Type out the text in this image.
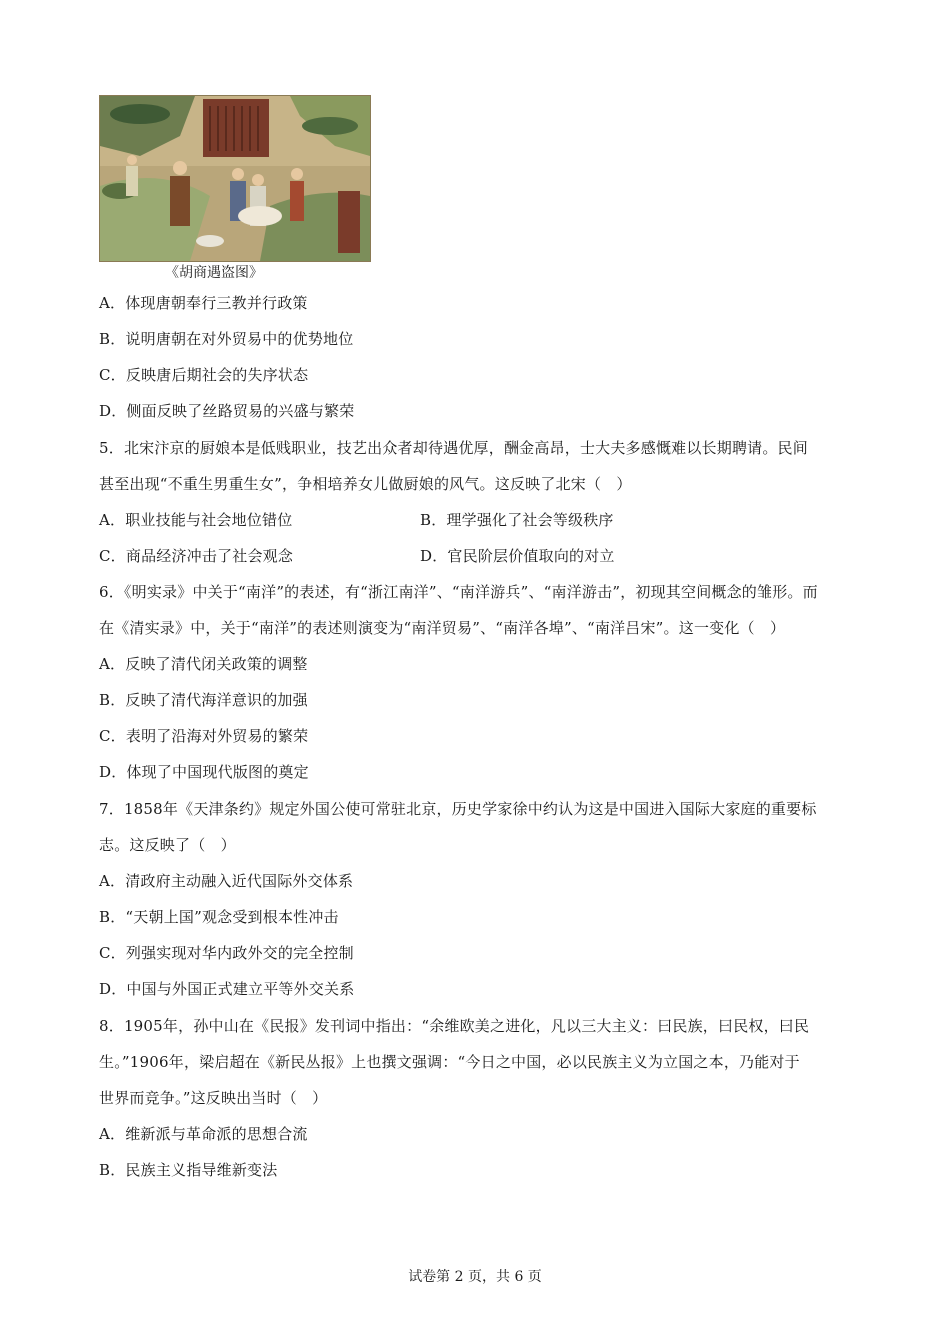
《胡商遇盗图》
A．体现唐朝奉行三教并行政策
B．说明唐朝在对外贸易中的优势地位
C．反映唐后期社会的失序状态
D．侧面反映了丝路贸易的兴盛与繁荣
5．北宋汴京的厨娘本是低贱职业，技艺出众者却待遇优厚，酬金高昂，士大夫多感慨难以长期聘请。民间
甚至出现“不重生男重生女”，争相培养女儿做厨娘的风气。这反映了北宋（　）
A．职业技能与社会地位错位	B．理学强化了社会等级秩序
C．商品经济冲击了社会观念	D．官民阶层价值取向的对立
6．《明实录》中关于“南洋”的表述，有“浙江南洋”、“南洋游兵”、“南洋游击”，初现其空间概念的雏形。而
在《清实录》中，关于“南洋”的表述则演变为“南洋贸易”、“南洋各埠”、“南洋吕宋”。这一变化（　）
A．反映了清代闭关政策的调整
B．反映了清代海洋意识的加强
C．表明了沿海对外贸易的繁荣
D．体现了中国现代版图的奠定
7．1858年《天津条约》规定外国公使可常驻北京，历史学家徐中约认为这是中国进入国际大家庭的重要标
志。这反映了（　）
A．清政府主动融入近代国际外交体系
B．“天朝上国”观念受到根本性冲击
C．列强实现对华内政外交的完全控制
D．中国与外国正式建立平等外交关系
8．1905年，孙中山在《民报》发刊词中指出：“余维欧美之进化，凡以三大主义：曰民族，曰民权，曰民
生。”1906年，梁启超在《新民丛报》上也撰文强调：“今日之中国，必以民族主义为立国之本，乃能对于
世界而竞争。”这反映出当时（　）
A．维新派与革命派的思想合流
B．民族主义指导维新变法
试卷第 2 页，共 6 页
